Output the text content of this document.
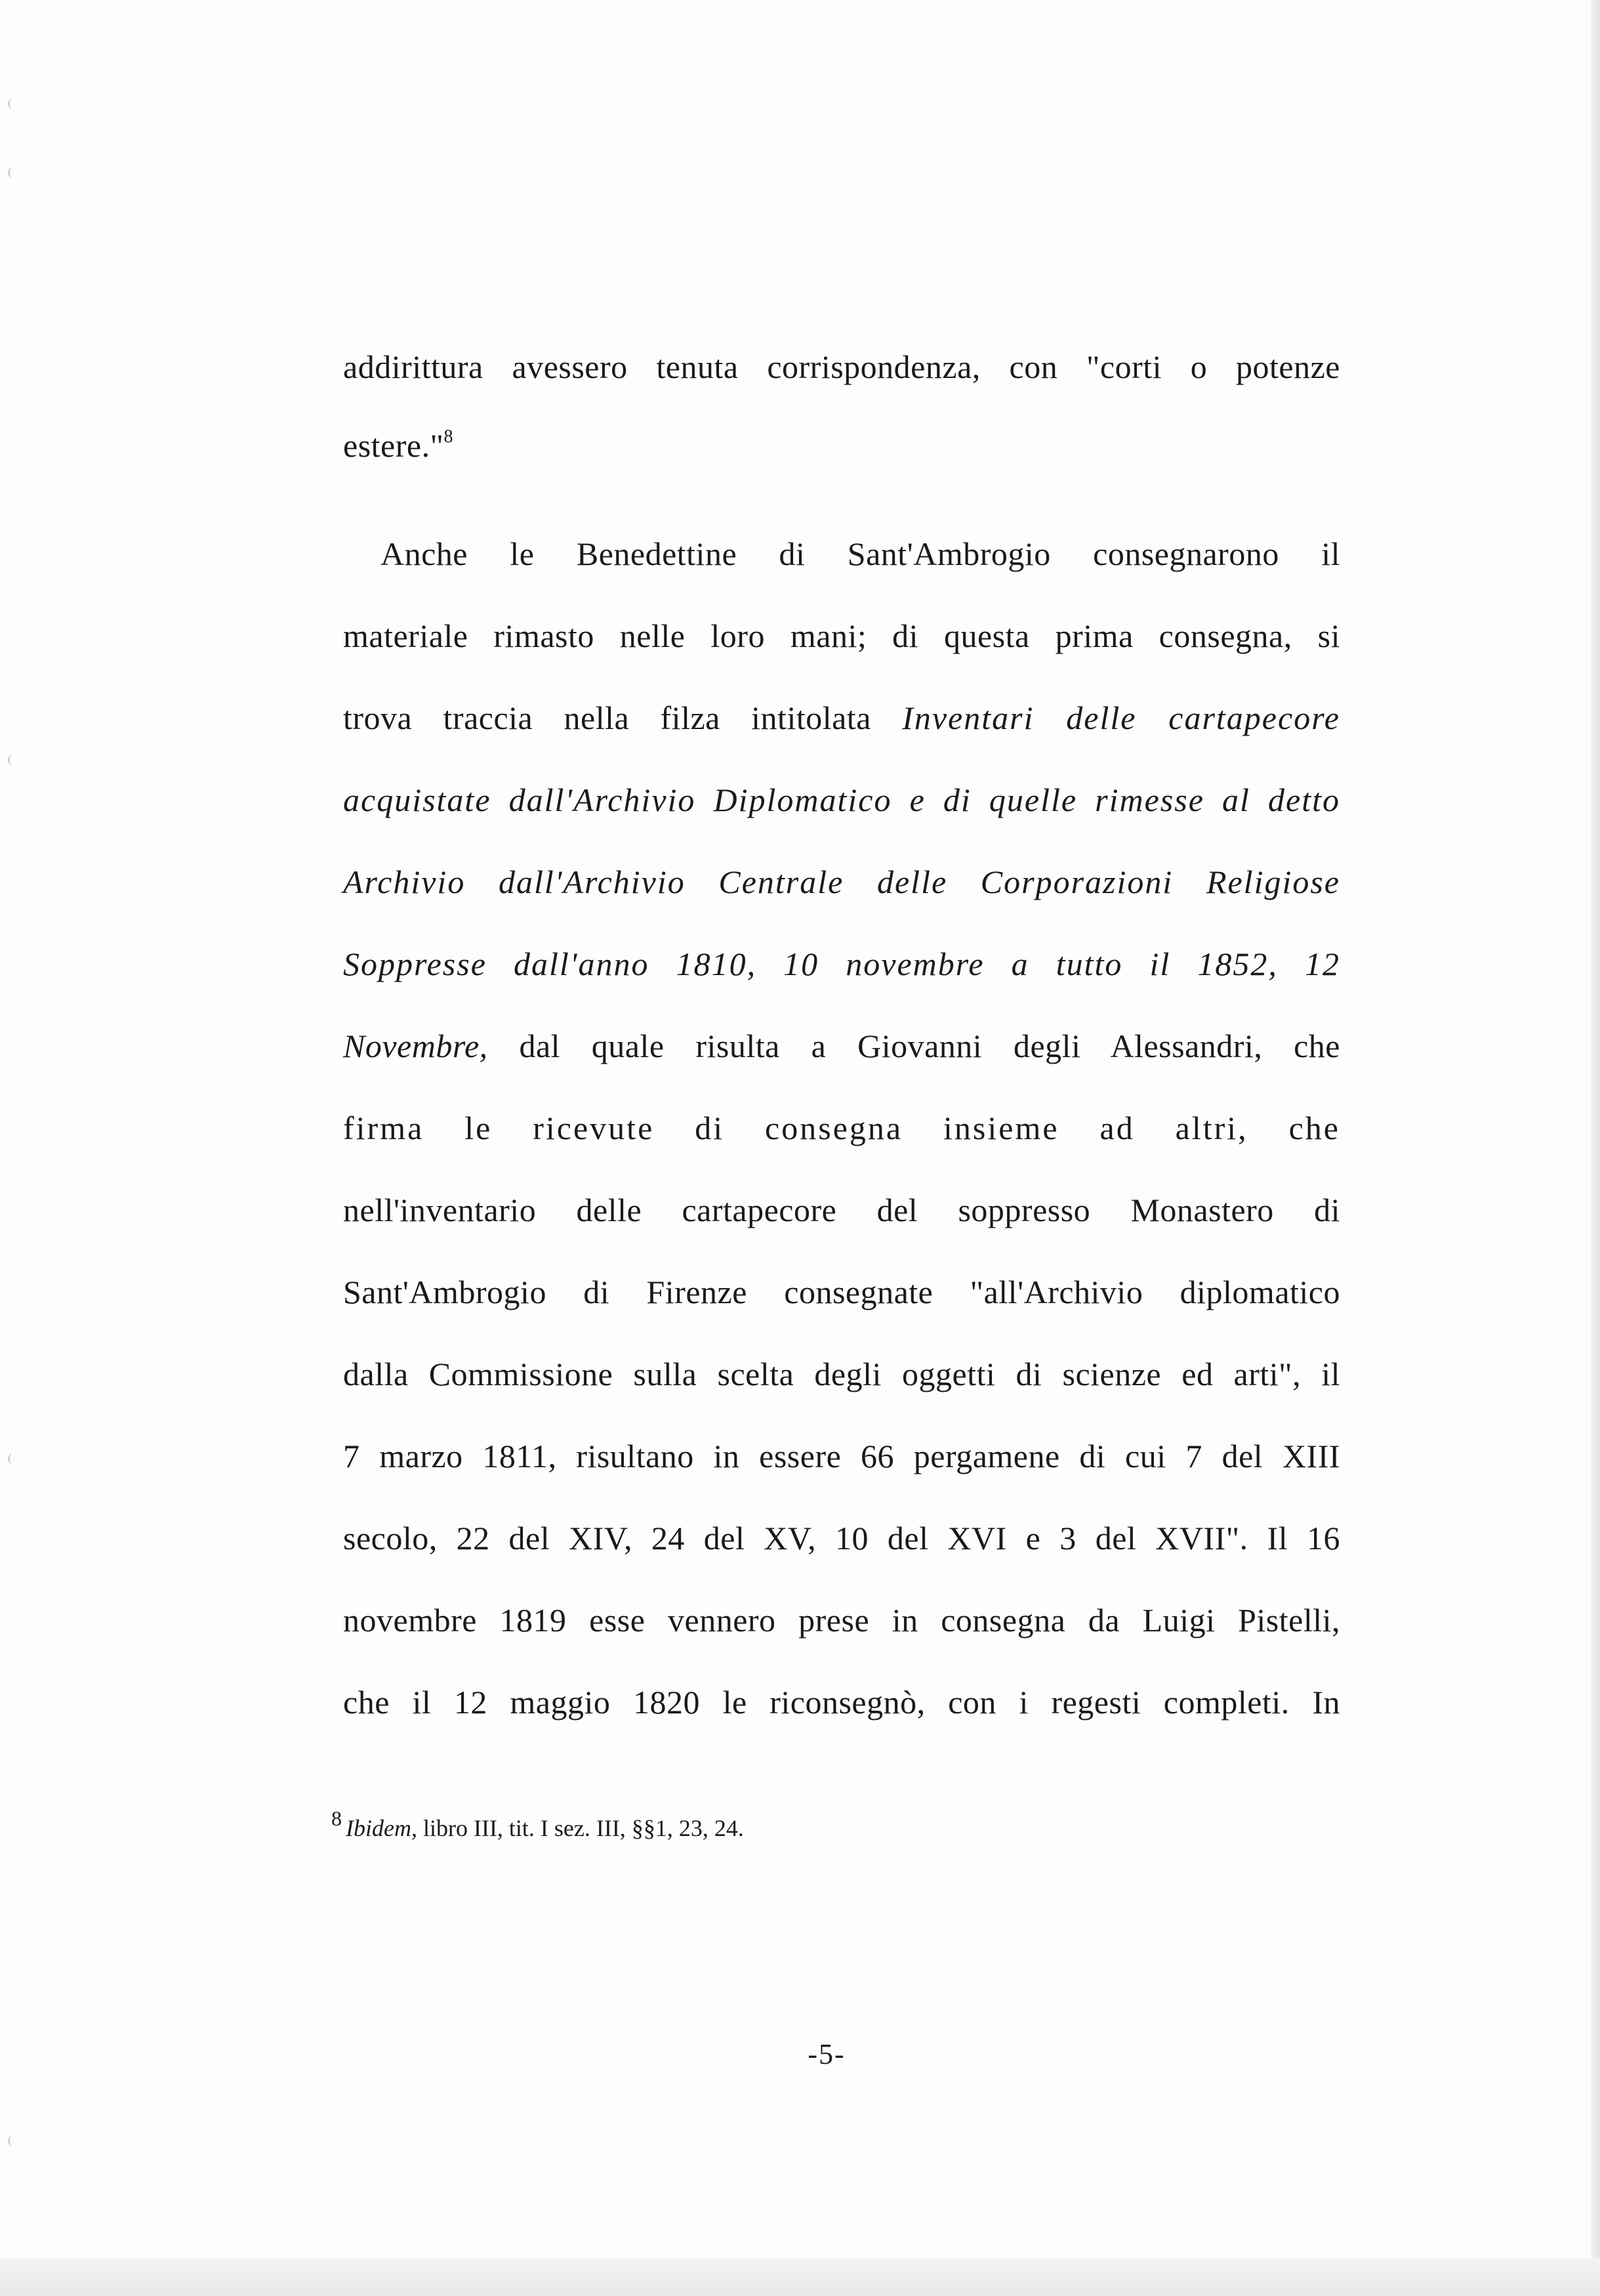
addirittura avessero tenuta corrispondenza, con "corti o potenze
estere."$^8$
Anche le Benedettine di Sant'Ambrogio consegnarono il
materiale rimasto nelle loro mani; di questa prima consegna, si
trova traccia nella filza intitolata Inventari delle cartapecore
acquistate dall'Archivio Diplomatico e di quelle rimesse al detto
Archivio dall'Archivio Centrale delle Corporazioni Religiose
Soppresse dall'anno 1810, 10 novembre a tutto il 1852, 12
Novembre, dal quale risulta a Giovanni degli Alessandri, che
firma le ricevute di consegna insieme ad altri, che
nell'inventario delle cartapecore del soppresso Monastero di
Sant'Ambrogio di Firenze consegnate "all'Archivio diplomatico
dalla Commissione sulla scelta degli oggetti di scienze ed arti", il
7 marzo 1811, risultano in essere 66 pergamene di cui 7 del XIII
secolo, 22 del XIV, 24 del XV, 10 del XVI e 3 del XVII". Il 16
novembre 1819 esse vennero prese in consegna da Luigi Pistelli,
che il 12 maggio 1820 le riconsegnò, con i regesti completi. In
8 Ibidem, libro III, tit. I sez. III, §§1, 23, 24.
-5-
